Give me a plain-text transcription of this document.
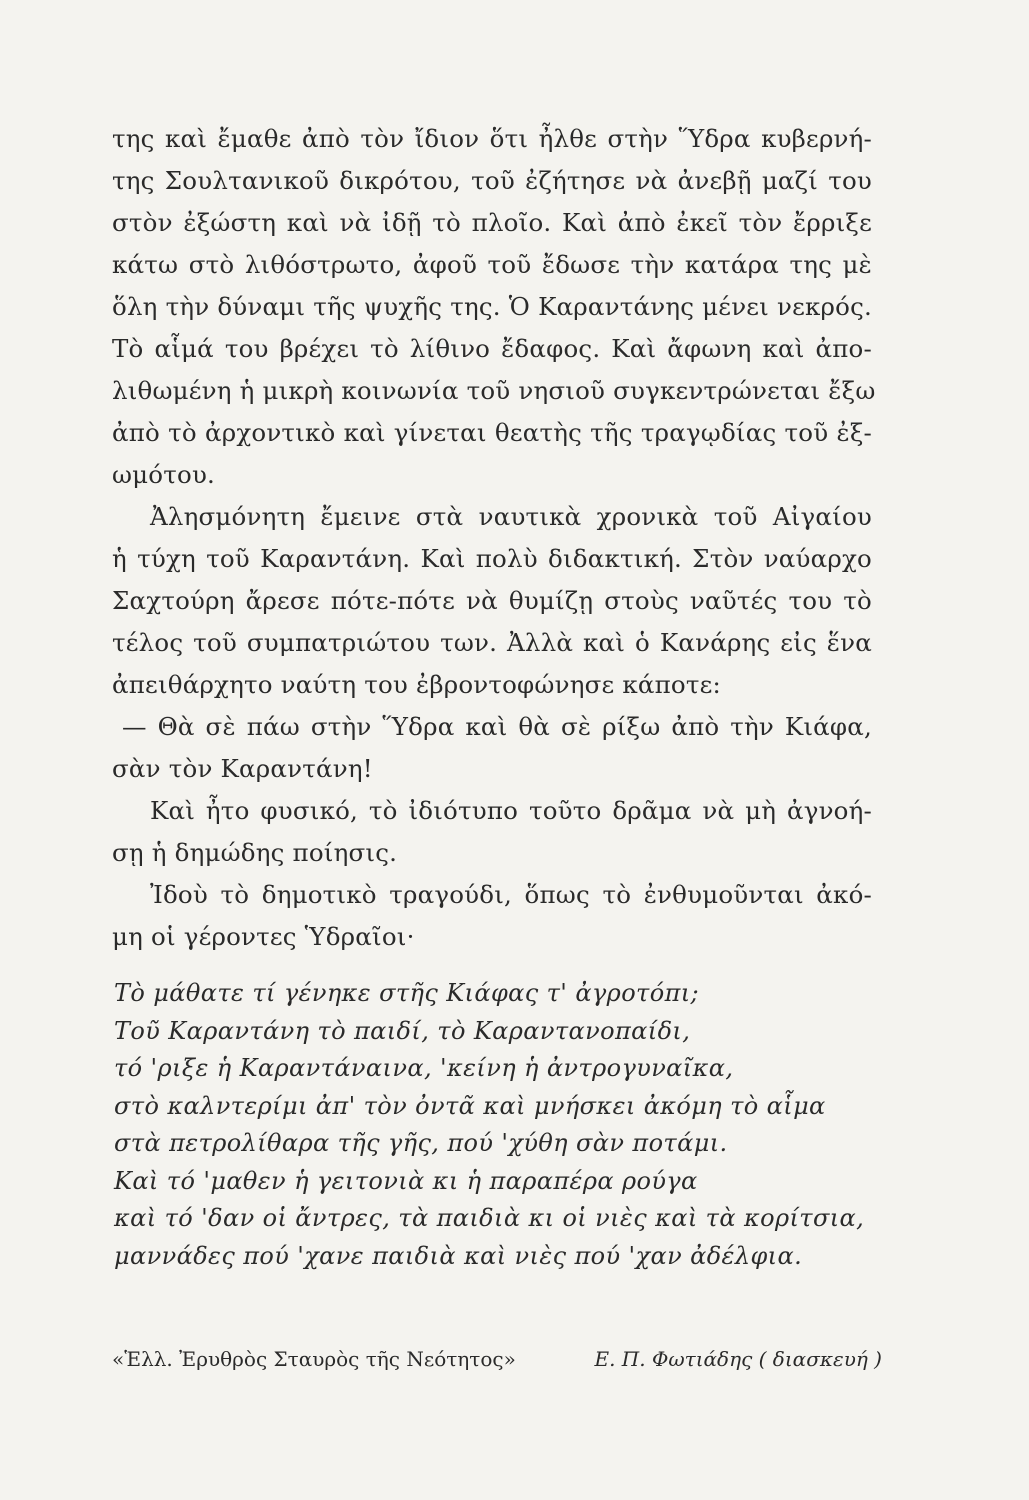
της καὶ ἔμαθε ἀπὸ τὸν ἴδιον ὅτι ἦλθε στὴν Ὕδρα κυβερνή-
της Σουλτανικοῦ δικρότου, τοῦ ἐζήτησε νὰ ἀνεβῇ μαζί του
στὸν ἐξώστη καὶ νὰ ἰδῇ τὸ πλοῖο. Καὶ ἀπὸ ἐκεῖ τὸν ἔρριξε
κάτω στὸ λιθόστρωτο, ἀφοῦ τοῦ ἔδωσε τὴν κατάρα της μὲ
ὅλη τὴν δύναμι τῆς ψυχῆς της. Ὁ Καραντάνης μένει νεκρός.
Τὸ αἷμά του βρέχει τὸ λίθινο ἔδαφος. Καὶ ἄφωνη καὶ ἀπο-
λιθωμένη ἡ μικρὴ κοινωνία τοῦ νησιοῦ συγκεντρώνεται ἔξω
ἀπὸ τὸ ἀρχοντικὸ καὶ γίνεται θεατὴς τῆς τραγῳδίας τοῦ ἐξ-
ωμότου.
Ἀλησμόνητη ἔμεινε στὰ ναυτικὰ χρονικὰ τοῦ Αἰγαίου
ἡ τύχη τοῦ Καραντάνη. Καὶ πολὺ διδακτική. Στὸν ναύαρχο
Σαχτούρη ἄρεσε πότε-πότε νὰ θυμίζῃ στοὺς ναῦτές του τὸ
τέλος τοῦ συμπατριώτου των. Ἀλλὰ καὶ ὁ Κανάρης εἰς ἕνα
ἀπειθάρχητο ναύτη του ἐβροντοφώνησε κάποτε:
— Θὰ σὲ πάω στὴν Ὕδρα καὶ θὰ σὲ ρίξω ἀπὸ τὴν Κιάφα,
σὰν τὸν Καραντάνη!
Καὶ ἦτο φυσικό, τὸ ἰδιότυπο τοῦτο δρᾶμα νὰ μὴ ἀγνοή-
σῃ ἡ δημώδης ποίησις.
Ἰδοὺ τὸ δημοτικὸ τραγούδι, ὅπως τὸ ἐνθυμοῦνται ἀκό-
μη οἱ γέροντες Ὑδραῖοι·
Τὸ μάθατε τί γένηκε στῆς Κιάφας τ' ἀγροτόπι;
Τοῦ Καραντάνη τὸ παιδί, τὸ Καραντανοπαίδι,
τό 'ριξε ἡ Καραντάναινα, 'κείνη ἡ ἀντρογυναῖκα,
στὸ καλντερίμι ἀπ' τὸν ὀντᾶ καὶ μνήσκει ἀκόμη τὸ αἷμα
στὰ πετρολίθαρα τῆς γῆς, πού 'χύθη σὰν ποτάμι.
Καὶ τό 'μαθεν ἡ γειτονιὰ κι ἡ παραπέρα ρούγα
καὶ τό 'δαν οἱ ἄντρες, τὰ παιδιὰ κι οἱ νιὲς καὶ τὰ κορίτσια,
μαννάδες πού 'χανε παιδιὰ καὶ νιὲς πού 'χαν ἀδέλφια.
«Ἑλλ. Ἐρυθρὸς Σταυρὸς τῆς Νεότητος»	Ε. Π. Φωτιάδης ( διασκευή )
